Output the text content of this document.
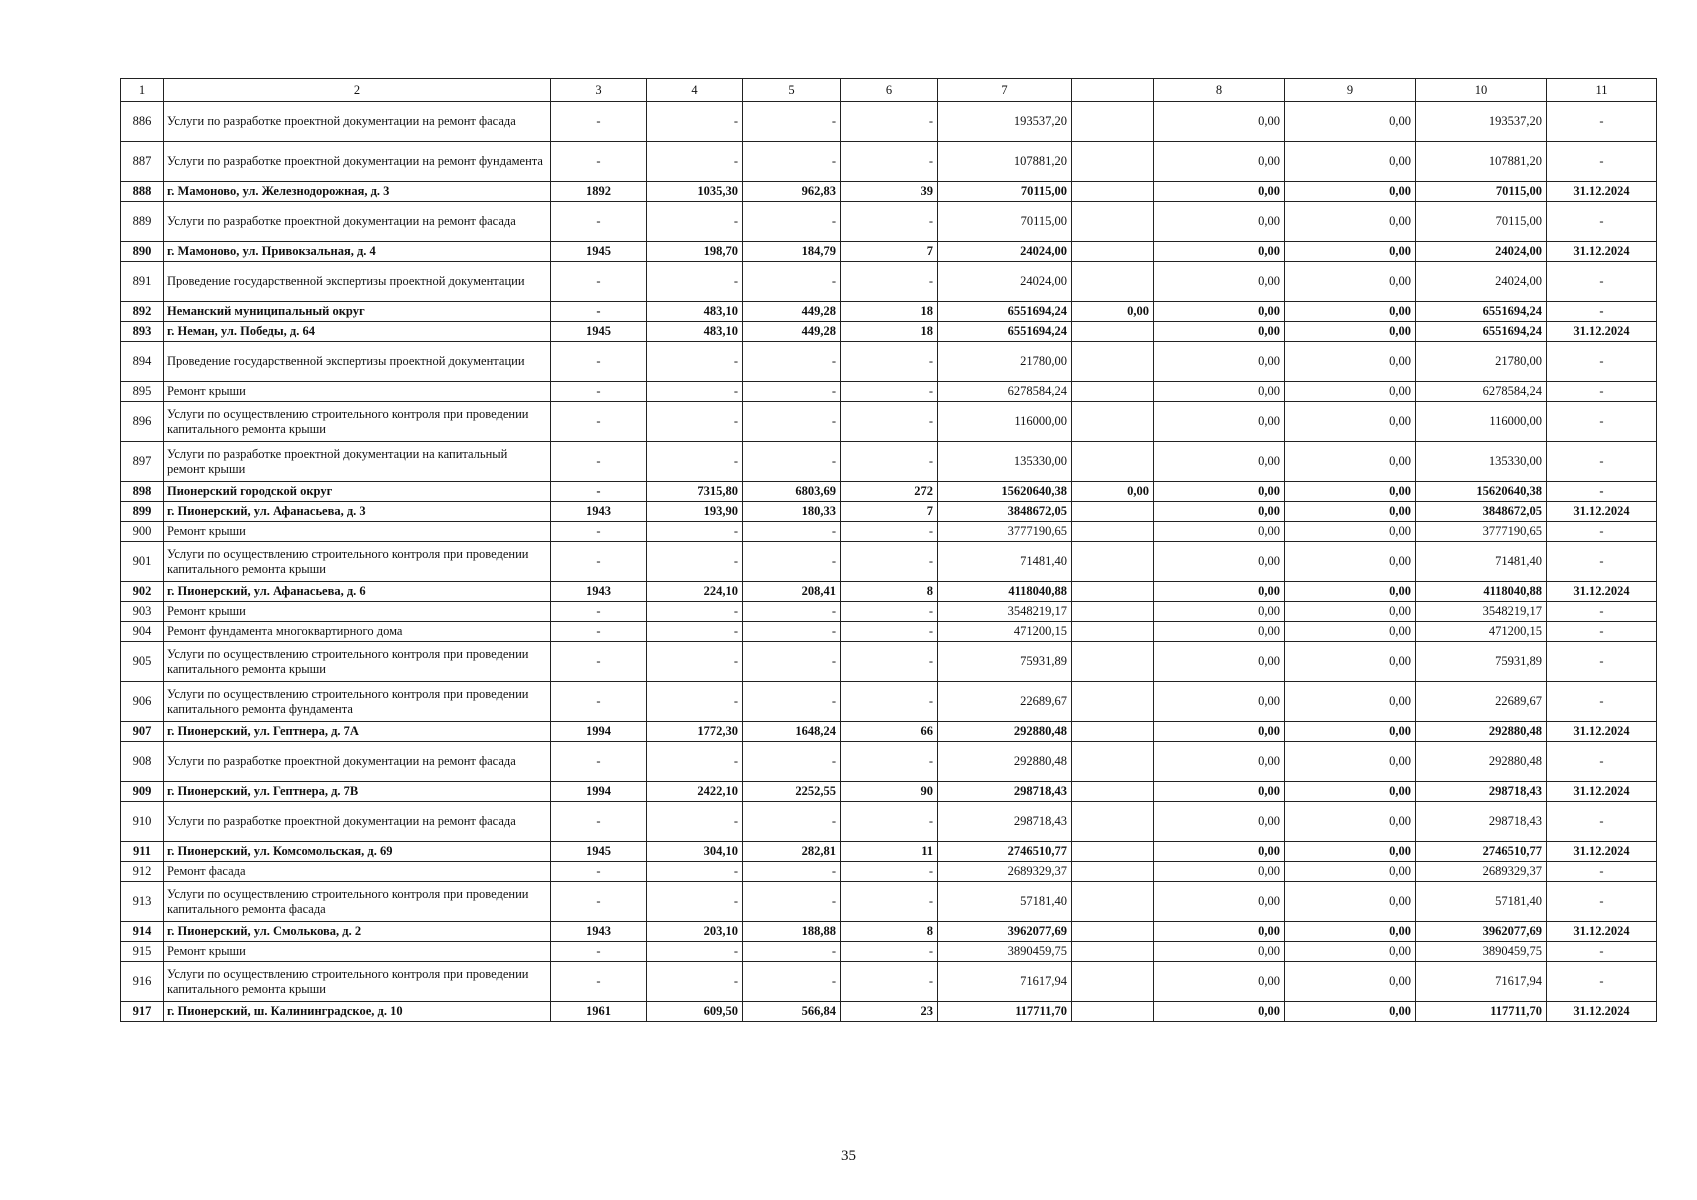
1	2	3	4	5	6	7		8	9	10	11
886	Услуги по разработке проектной документации на ремонт фасада	-	-	-	-	193537,20		0,00	0,00	193537,20	-
887	Услуги по разработке проектной документации на ремонт фундамента	-	-	-	-	107881,20		0,00	0,00	107881,20	-
888	г. Мамоново, ул. Железнодорожная, д. 3	1892	1035,30	962,83	39	70115,00		0,00	0,00	70115,00	31.12.2024
889	Услуги по разработке проектной документации на ремонт фасада	-	-	-	-	70115,00		0,00	0,00	70115,00	-
890	г. Мамоново, ул. Привокзальная, д. 4	1945	198,70	184,79	7	24024,00		0,00	0,00	24024,00	31.12.2024
891	Проведение государственной экспертизы проектной документации	-	-	-	-	24024,00		0,00	0,00	24024,00	-
892	Неманский муниципальный округ	-	483,10	449,28	18	6551694,24	0,00	0,00	0,00	6551694,24	-
893	г. Неман, ул. Победы, д. 64	1945	483,10	449,28	18	6551694,24		0,00	0,00	6551694,24	31.12.2024
894	Проведение государственной экспертизы проектной документации	-	-	-	-	21780,00		0,00	0,00	21780,00	-
895	Ремонт крыши	-	-	-	-	6278584,24		0,00	0,00	6278584,24	-
896	Услуги по осуществлению строительного контроля при проведении капитального ремонта крыши	-	-	-	-	116000,00		0,00	0,00	116000,00	-
897	Услуги по разработке проектной документации на капитальный ремонт крыши	-	-	-	-	135330,00		0,00	0,00	135330,00	-
898	Пионерский городской округ	-	7315,80	6803,69	272	15620640,38	0,00	0,00	0,00	15620640,38	-
899	г. Пионерский, ул. Афанасьева, д. 3	1943	193,90	180,33	7	3848672,05		0,00	0,00	3848672,05	31.12.2024
900	Ремонт крыши	-	-	-	-	3777190,65		0,00	0,00	3777190,65	-
901	Услуги по осуществлению строительного контроля при проведении капитального ремонта крыши	-	-	-	-	71481,40		0,00	0,00	71481,40	-
902	г. Пионерский, ул. Афанасьева, д. 6	1943	224,10	208,41	8	4118040,88		0,00	0,00	4118040,88	31.12.2024
903	Ремонт крыши	-	-	-	-	3548219,17		0,00	0,00	3548219,17	-
904	Ремонт фундамента многоквартирного дома	-	-	-	-	471200,15		0,00	0,00	471200,15	-
905	Услуги по осуществлению строительного контроля при проведении капитального ремонта крыши	-	-	-	-	75931,89		0,00	0,00	75931,89	-
906	Услуги по осуществлению строительного контроля при проведении капитального ремонта фундамента	-	-	-	-	22689,67		0,00	0,00	22689,67	-
907	г. Пионерский, ул. Гептнера, д. 7А	1994	1772,30	1648,24	66	292880,48		0,00	0,00	292880,48	31.12.2024
908	Услуги по разработке проектной документации на ремонт фасада	-	-	-	-	292880,48		0,00	0,00	292880,48	-
909	г. Пионерский, ул. Гептнера, д. 7В	1994	2422,10	2252,55	90	298718,43		0,00	0,00	298718,43	31.12.2024
910	Услуги по разработке проектной документации на ремонт фасада	-	-	-	-	298718,43		0,00	0,00	298718,43	-
911	г. Пионерский, ул. Комсомольская, д. 69	1945	304,10	282,81	11	2746510,77		0,00	0,00	2746510,77	31.12.2024
912	Ремонт фасада	-	-	-	-	2689329,37		0,00	0,00	2689329,37	-
913	Услуги по осуществлению строительного контроля при проведении капитального ремонта фасада	-	-	-	-	57181,40		0,00	0,00	57181,40	-
914	г. Пионерский, ул. Смолькова, д. 2	1943	203,10	188,88	8	3962077,69		0,00	0,00	3962077,69	31.12.2024
915	Ремонт крыши	-	-	-	-	3890459,75		0,00	0,00	3890459,75	-
916	Услуги по осуществлению строительного контроля при проведении капитального ремонта крыши	-	-	-	-	71617,94		0,00	0,00	71617,94	-
917	г. Пионерский, ш. Калининградское, д. 10	1961	609,50	566,84	23	117711,70		0,00	0,00	117711,70	31.12.2024
35
